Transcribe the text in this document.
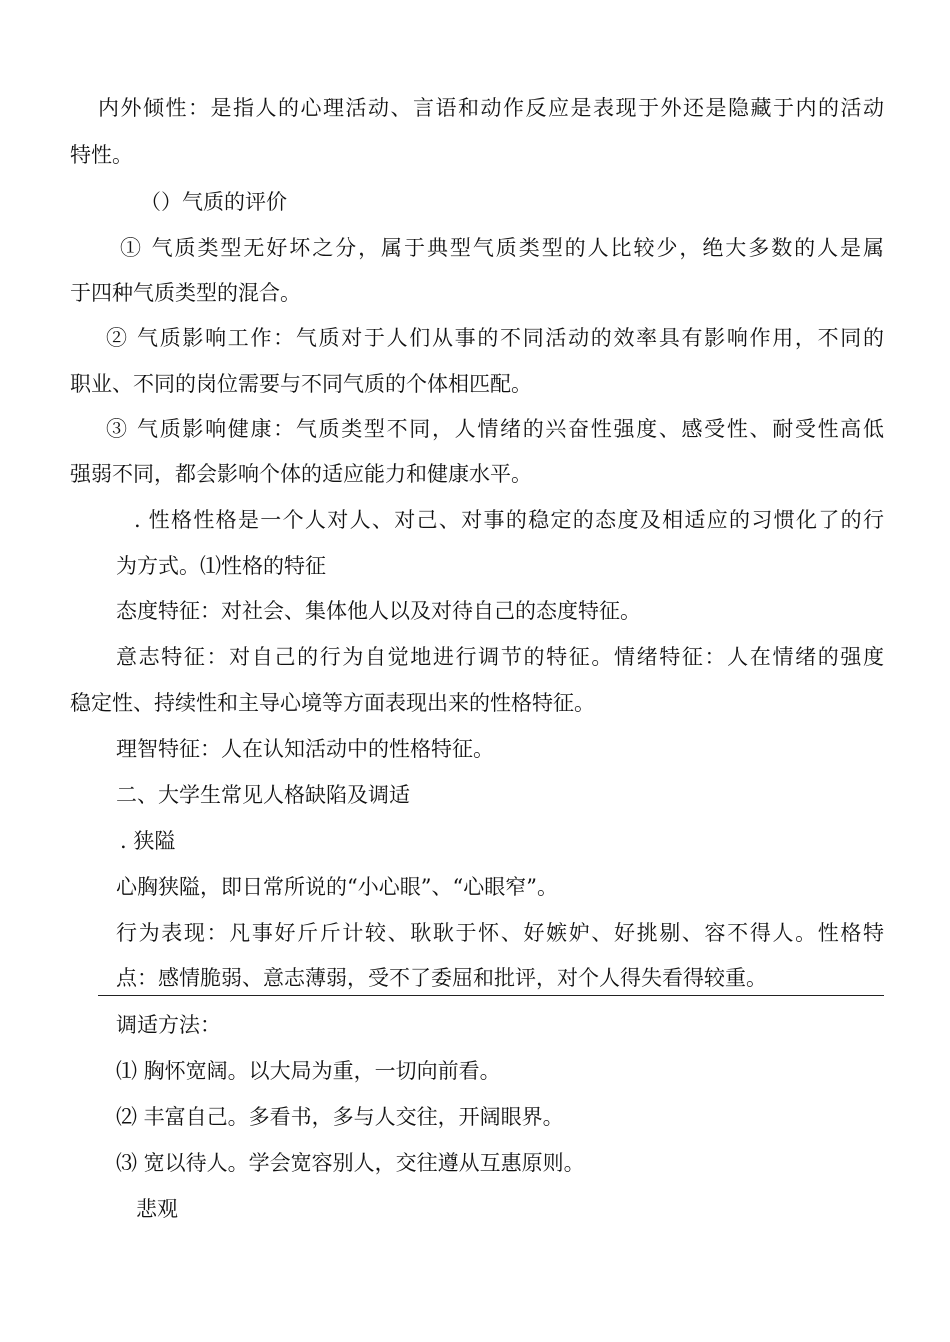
内外倾性：是指人的心理活动、言语和动作反应是表现于外还是隐藏于内的活动
特性。
（）气质的评价
① 气质类型无好坏之分，属于典型气质类型的人比较少，绝大多数的人是属
于四种气质类型的混合。
② 气质影响工作：气质对于人们从事的不同活动的效率具有影响作用，不同的
职业、不同的岗位需要与不同气质的个体相匹配。
③ 气质影响健康：气质类型不同，人情绪的兴奋性强度、感受性、耐受性高低
强弱不同，都会影响个体的适应能力和健康水平。
. 性格性格是一个人对人、对己、对事的稳定的态度及相适应的习惯化了的行
为方式。⑴性格的特征
态度特征：对社会、集体他人以及对待自己的态度特征。
意志特征：对自己的行为自觉地进行调节的特征。情绪特征：人在情绪的强度
稳定性、持续性和主导心境等方面表现出来的性格特征。
理智特征：人在认知活动中的性格特征。
二、大学生常见人格缺陷及调适
. 狭隘
心胸狭隘，即日常所说的“小心眼”、“心眼窄”。
行为表现：凡事好斤斤计较、耿耿于怀、好嫉妒、好挑剔、容不得人。性格特
点：感情脆弱、意志薄弱，受不了委屈和批评，对个人得失看得较重。
调适方法：
⑴ 胸怀宽阔。以大局为重，一切向前看。
⑵ 丰富自己。多看书，多与人交往，开阔眼界。
⑶ 宽以待人。学会宽容别人，交往遵从互惠原则。
悲观
